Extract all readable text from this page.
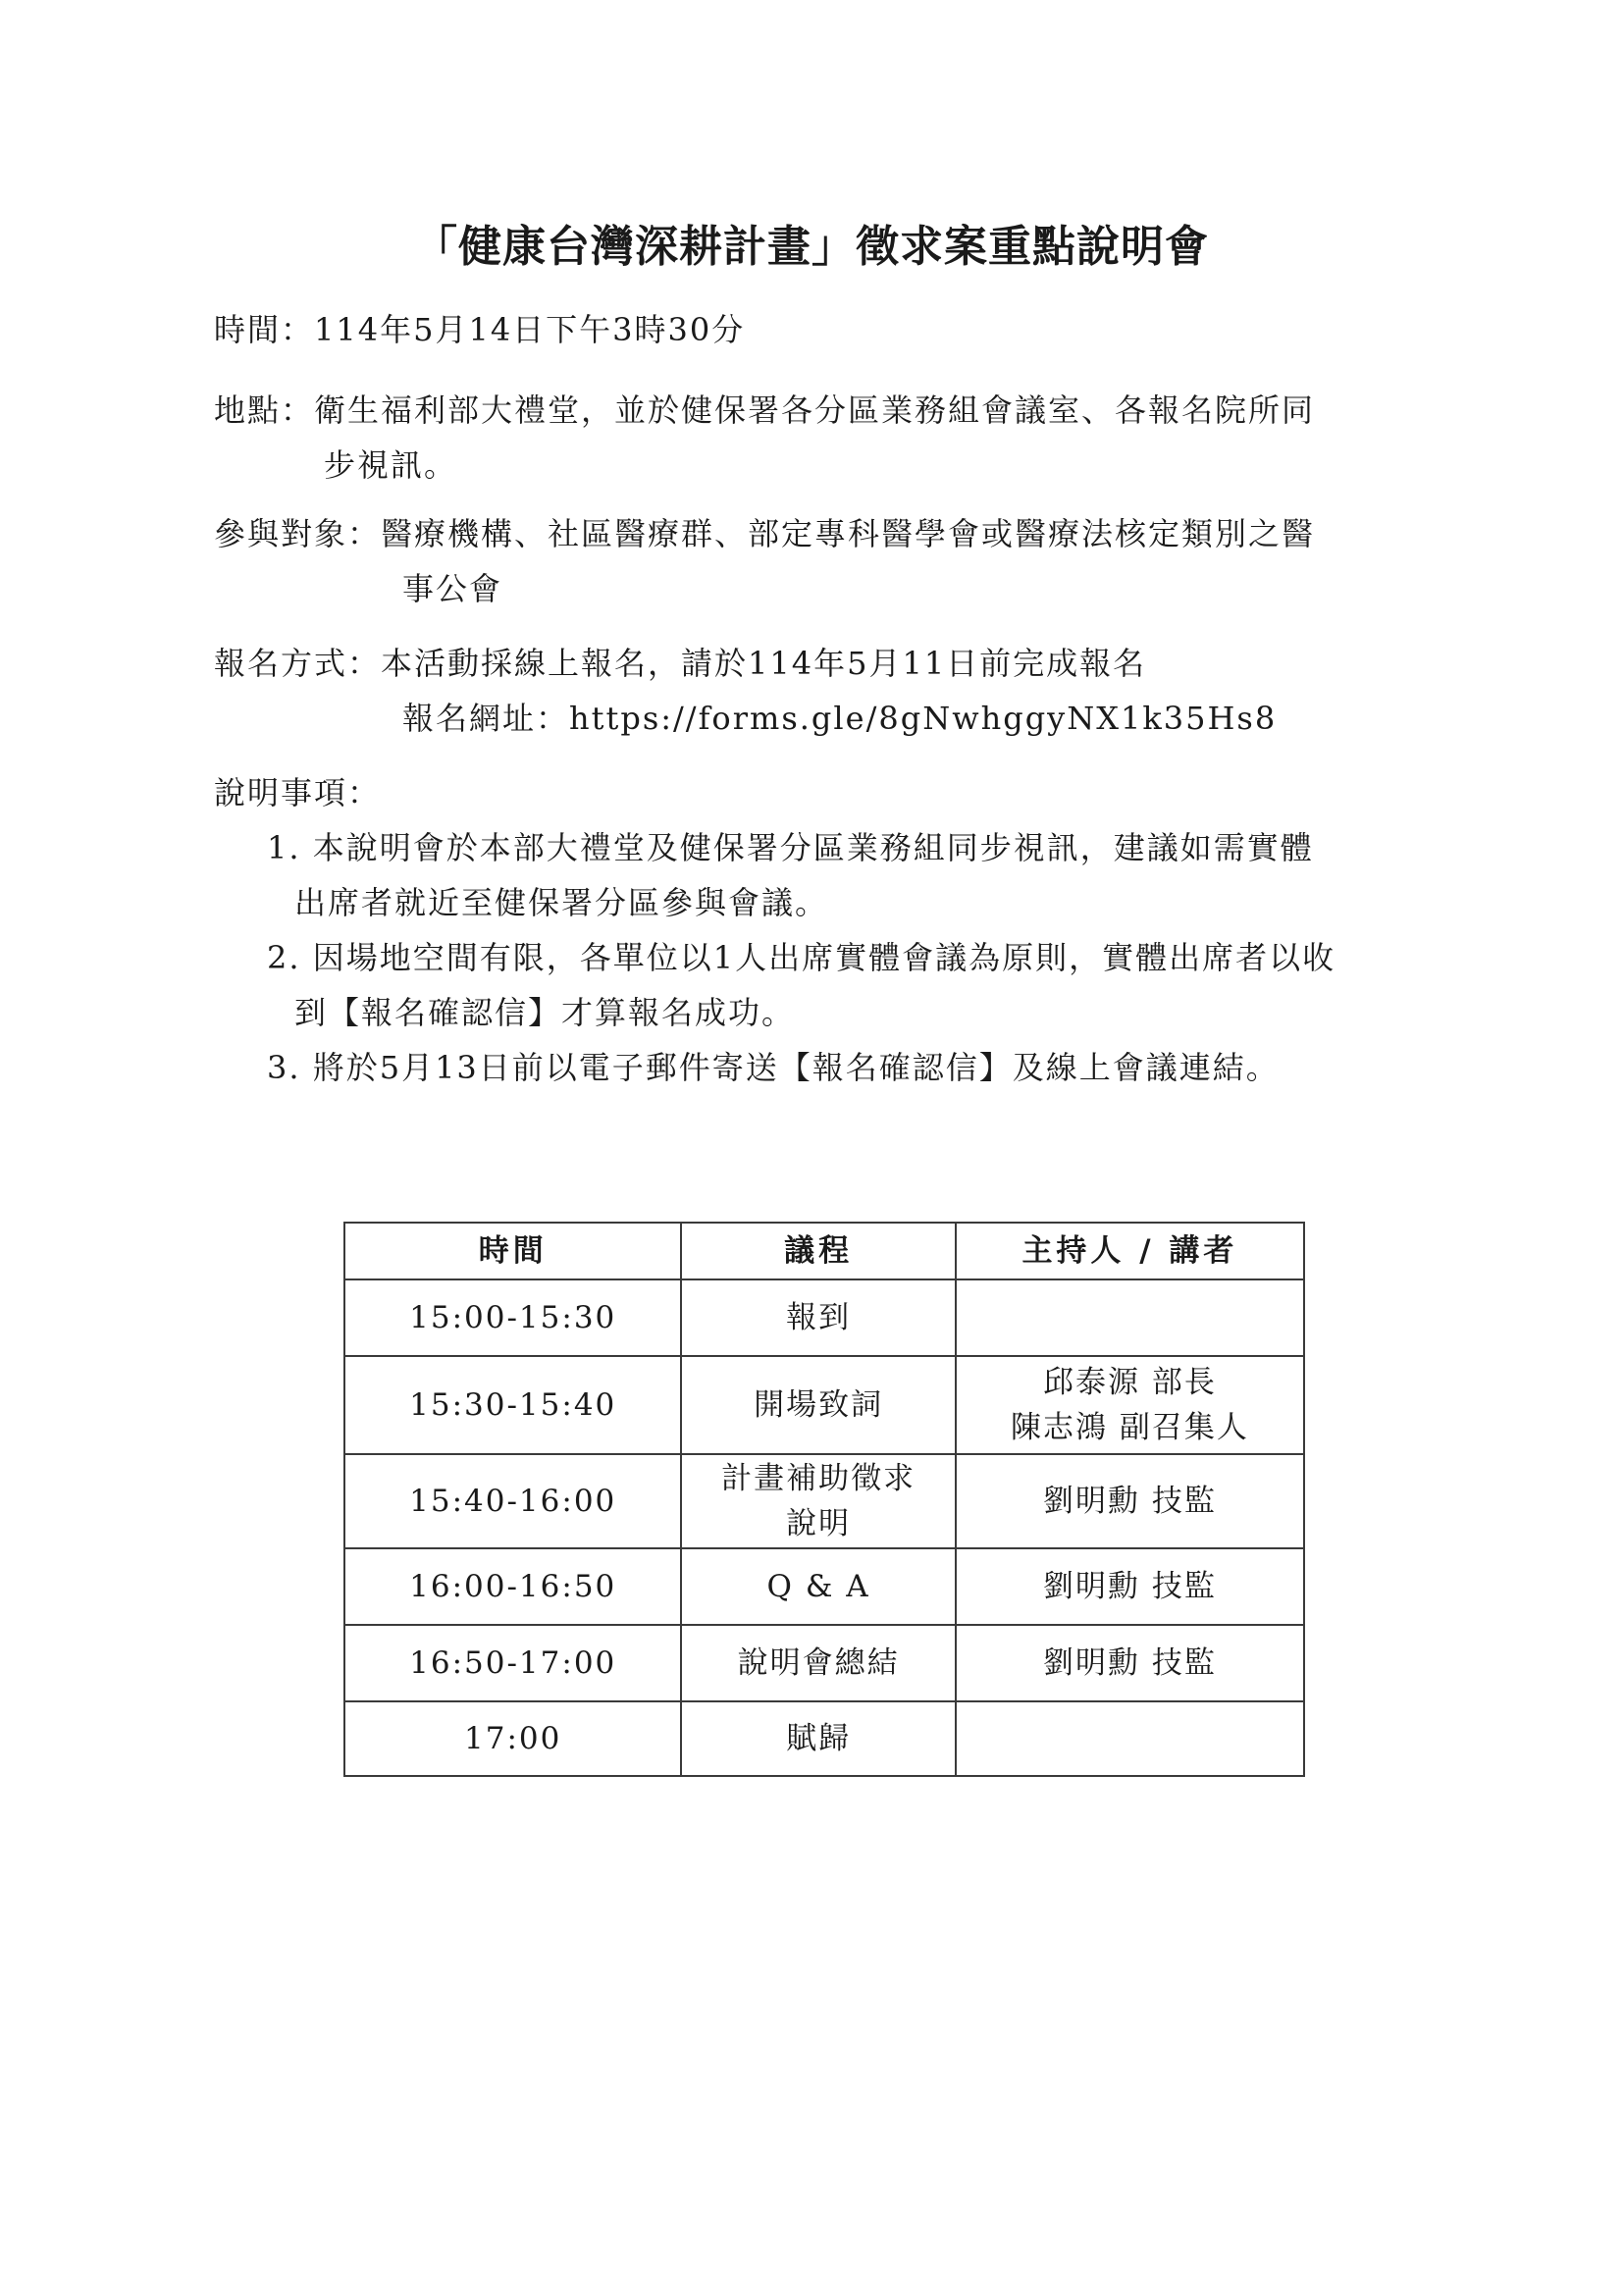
「健康台灣深耕計畫」徵求案重點說明會
時間：114年5月14日下午3時30分
地點：衛生福利部大禮堂，並於健保署各分區業務組會議室、各報名院所同
步視訊。
參與對象：醫療機構、社區醫療群、部定專科醫學會或醫療法核定類別之醫
事公會
報名方式：本活動採線上報名，請於114年5月11日前完成報名
報名網址：https://forms.gle/8gNwhggyNX1k35Hs8
說明事項：
1. 本說明會於本部大禮堂及健保署分區業務組同步視訊，建議如需實體
出席者就近至健保署分區參與會議。
2. 因場地空間有限，各單位以1人出席實體會議為原則，實體出席者以收
到【報名確認信】才算報名成功。
3. 將於5月13日前以電子郵件寄送【報名確認信】及線上會議連結。
時間	議程	主持人 / 講者
15:00-15:30	報到	

15:30-15:40	開場致詞	邱泰源 部長
陳志鴻 副召集人

15:40-16:00	計畫補助徵求
說明	劉明勳 技監

16:00-16:50	Q & A	劉明勳 技監

16:50-17:00	說明會總結	劉明勳 技監

17:00	賦歸	
